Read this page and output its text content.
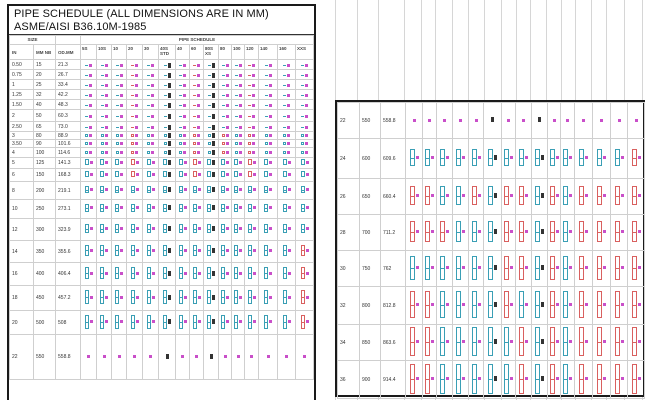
PIPE SCHEDULE (ALL DIMENSIONS ARE IN MM)
ASME/AISI B36.10M-1985
SIZE			PIPE SCHEDULE														
IN	MM NB	OD.MM	5S	10S	10	20	30	40S STD	40	60	80S XS	80	100	120	140	160	XXS
0.50	15	21.3	

0.75	20	26.7	

1	25	33.4	

1.25	32	42.2	

1.50	40	48.3	

2	50	60.3	

2.50	65	73.0	

3	80	88.9	

3.50	90	101.6	

4	100	114.6	

5	125	141.3	

6	150	168.3	

8	200	219.1	

10	250	273.1	

12	300	323.9	

14	350	355.6	

16	400	406.4	

18	450	457.2	

20	500	508	

22	550	558.8	

22	550	558.8	

24	600	609.6	

26	650	660.4	

28	700	711.2	

30	750	762	

32	800	812.8	

34	850	863.6	

36	900	914.4	
